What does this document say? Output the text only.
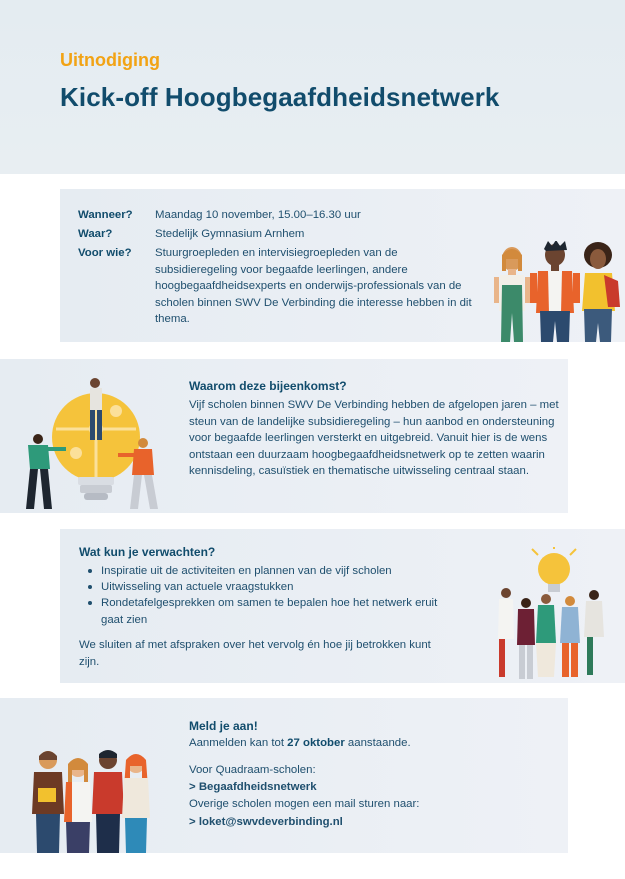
Uitnodiging
Kick-off Hoogbegaafdheidsnetwerk
Wanneer?	Maandag 10 november, 15.00–16.30 uur
Waar?	Stedelijk Gymnasium Arnhem
Voor wie?	Stuurgroepleden en intervisiegroepleden van de subsidieregeling voor begaafde leerlingen, andere hoogbegaafdheidsexperts en onderwijs-professionals van de scholen binnen SWV De Verbinding die interesse hebben in dit thema.
Waarom deze bijeenkomst?
Vijf scholen binnen SWV De Verbinding hebben de afgelopen jaren – met steun van de landelijke subsidieregeling – hun aanbod en ondersteuning voor begaafde leerlingen versterkt en uitgebreid. Vanuit hier is de wens ontstaan een duurzaam hoogbegaafdheidsnetwerk op te zetten waarin kennisdeling, casuïstiek en thematische uitwisseling centraal staan.
Wat kun je verwachten?
Inspiratie uit de activiteiten en plannen van de vijf scholen
Uitwisseling van actuele vraagstukken
Rondetafelgesprekken om samen te bepalen hoe het netwerk eruit gaat zien
We sluiten af met afspraken over het vervolg én hoe jij betrokken kunt zijn.
Meld je aan!
Aanmelden kan tot 27 oktober aanstaande.
Voor Quadraam-scholen:
> Begaafdheidsnetwerk
Overige scholen mogen een mail sturen naar:
> loket@swvdeverbinding.nl
